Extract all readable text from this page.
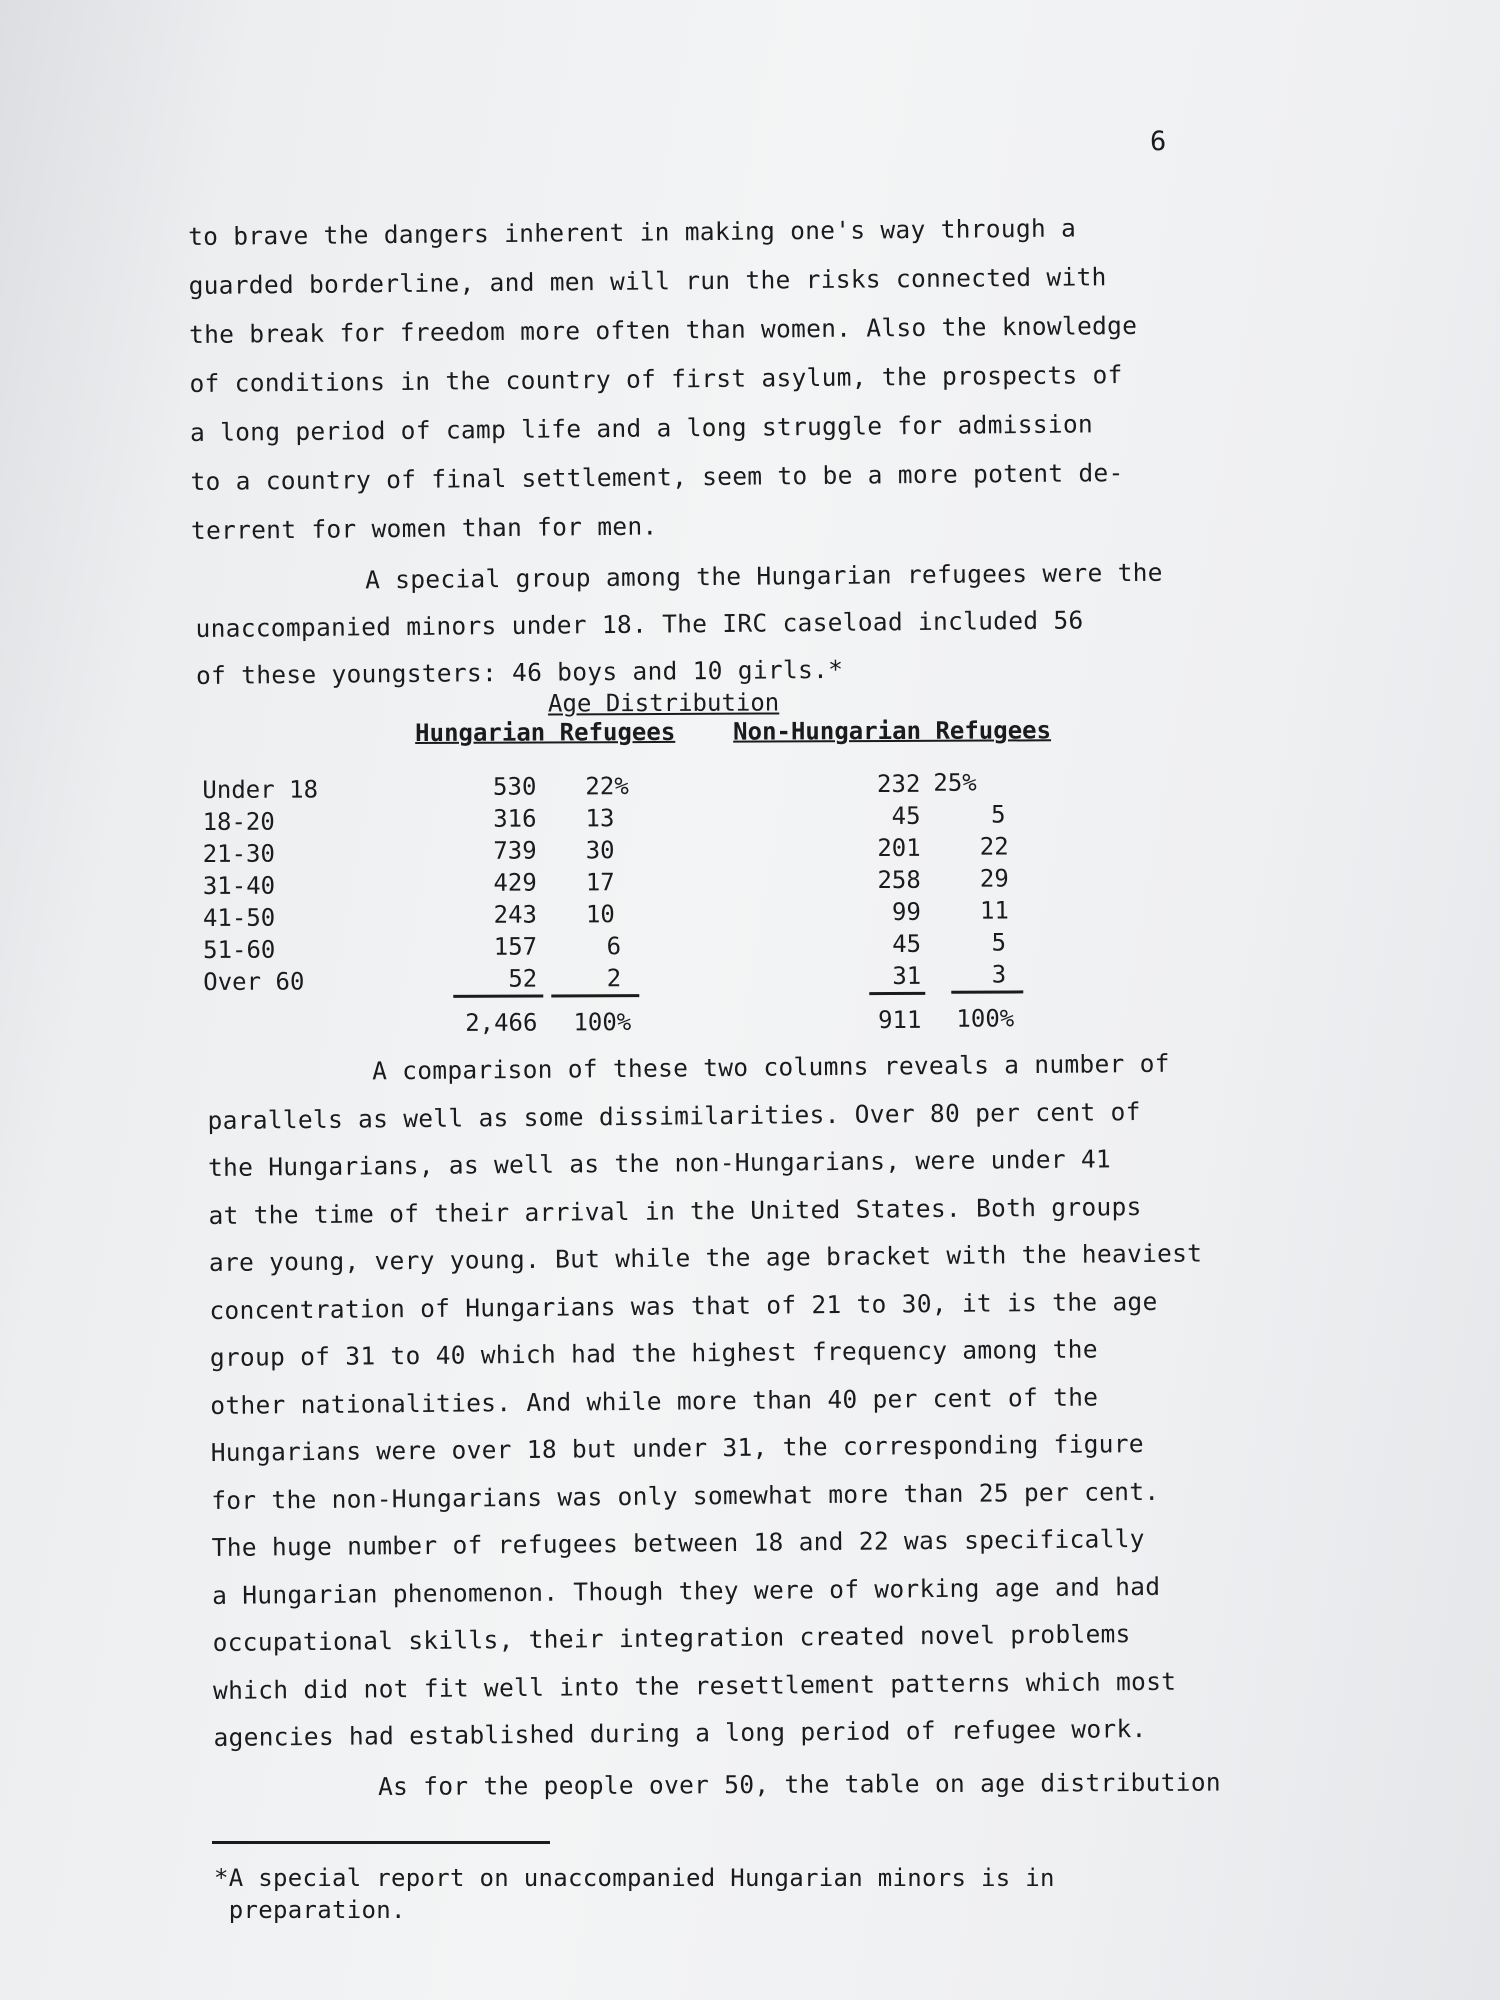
6
to brave the dangers inherent in making one's way through a
guarded borderline, and men will run the risks connected with
the break for freedom more often than women. Also the knowledge
of conditions in the country of first asylum, the prospects of
a long period of camp life and a long struggle for admission
to a country of final settlement, seem to be a more potent de-
terrent for women than for men.
A special group among the Hungarian refugees were the
unaccompanied minors under 18. The IRC caseload included 56
of these youngsters: 46 boys and 10 girls.*
Age Distribution
Hungarian Refugees Non-Hungarian Refugees
Under 18	530 22%	232 25%
18-20	316 13	45	5
21-30	739 30	201	22
31-40	429 17	258	29
41-50	243 10	99	11
51-60	157	6	45	5
Over 60	52	2	31	3
2,466 100%	911 100%
A comparison of these two columns reveals a number of
parallels as well as some dissimilarities. Over 80 per cent of
the Hungarians, as well as the non-Hungarians, were under 41
at the time of their arrival in the United States. Both groups
are young, very young. But while the age bracket with the heaviest
concentration of Hungarians was that of 21 to 30, it is the age
group of 31 to 40 which had the highest frequency among the
other nationalities. And while more than 40 per cent of the
Hungarians were over 18 but under 31, the corresponding figure
for the non-Hungarians was only somewhat more than 25 per cent.
The huge number of refugees between 18 and 22 was specifically
a Hungarian phenomenon. Though they were of working age and had
occupational skills, their integration created novel problems
which did not fit well into the resettlement patterns which most
agencies had established during a long period of refugee work.
As for the people over 50, the table on age distribution
*A special report on unaccompanied Hungarian minors is in
preparation.
